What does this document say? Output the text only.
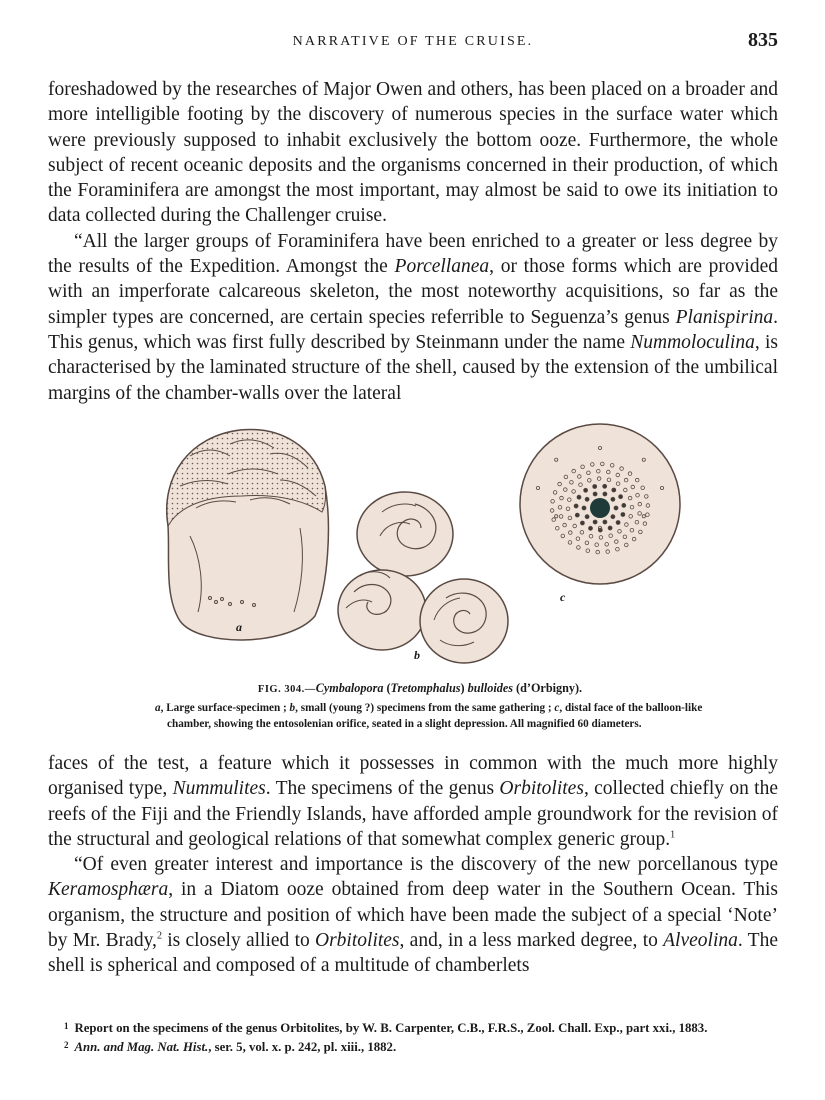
NARRATIVE OF THE CRUISE.	835

foreshadowed by the researches of Major Owen and others, has been placed on a broader and more intelligible footing by the discovery of numerous species in the surface water which were previously supposed to inhabit exclusively the bottom ooze. Furthermore, the whole subject of recent oceanic deposits and the organisms concerned in their production, of which the Foraminifera are amongst the most important, may almost be said to owe its initiation to data collected during the Challenger cruise.

“All the larger groups of Foraminifera have been enriched to a greater or less degree by the results of the Expedition. Amongst the Porcellanea, or those forms which are provided with an imperforate calcareous skeleton, the most noteworthy acquisitions, so far as the simpler types are concerned, are certain species referrible to Seguenza’s genus Planispirina. This genus, which was first fully described by Steinmann under the name Nummoloculina, is characterised by the laminated structure of the shell, caused by the extension of the umbilical margins of the chamber-walls over the lateral

a
b
c
FIG. 304.—Cymbalopora (Tretomphalus) bulloides (d’Orbigny).
a, Large surface-specimen ; b, small (young ?) specimens from the same gathering ; c, distal face of the balloon-like
chamber, showing the entosolenian orifice, seated in a slight depression. All magnified 60 diameters.

faces of the test, a feature which it possesses in common with the much more highly organised type, Nummulites. The specimens of the genus Orbitolites, collected chiefly on the reefs of the Fiji and the Friendly Islands, have afforded ample groundwork for the revision of the structural and geological relations of that somewhat complex generic group.$^1$

“Of even greater interest and importance is the discovery of the new porcellanous type Keramosphæra, in a Diatom ooze obtained from deep water in the Southern Ocean. This organism, the structure and position of which have been made the subject of a special ‘Note’ by Mr. Brady,$^2$ is closely allied to Orbitolites, and, in a less marked degree, to Alveolina. The shell is spherical and composed of a multitude of chamberlets

$^1$ Report on the specimens of the genus Orbitolites, by W. B. Carpenter, C.B., F.R.S., Zool. Chall. Exp., part xxi., 1883.

$^2$ Ann. and Mag. Nat. Hist., ser. 5, vol. x. p. 242, pl. xiii., 1882.
